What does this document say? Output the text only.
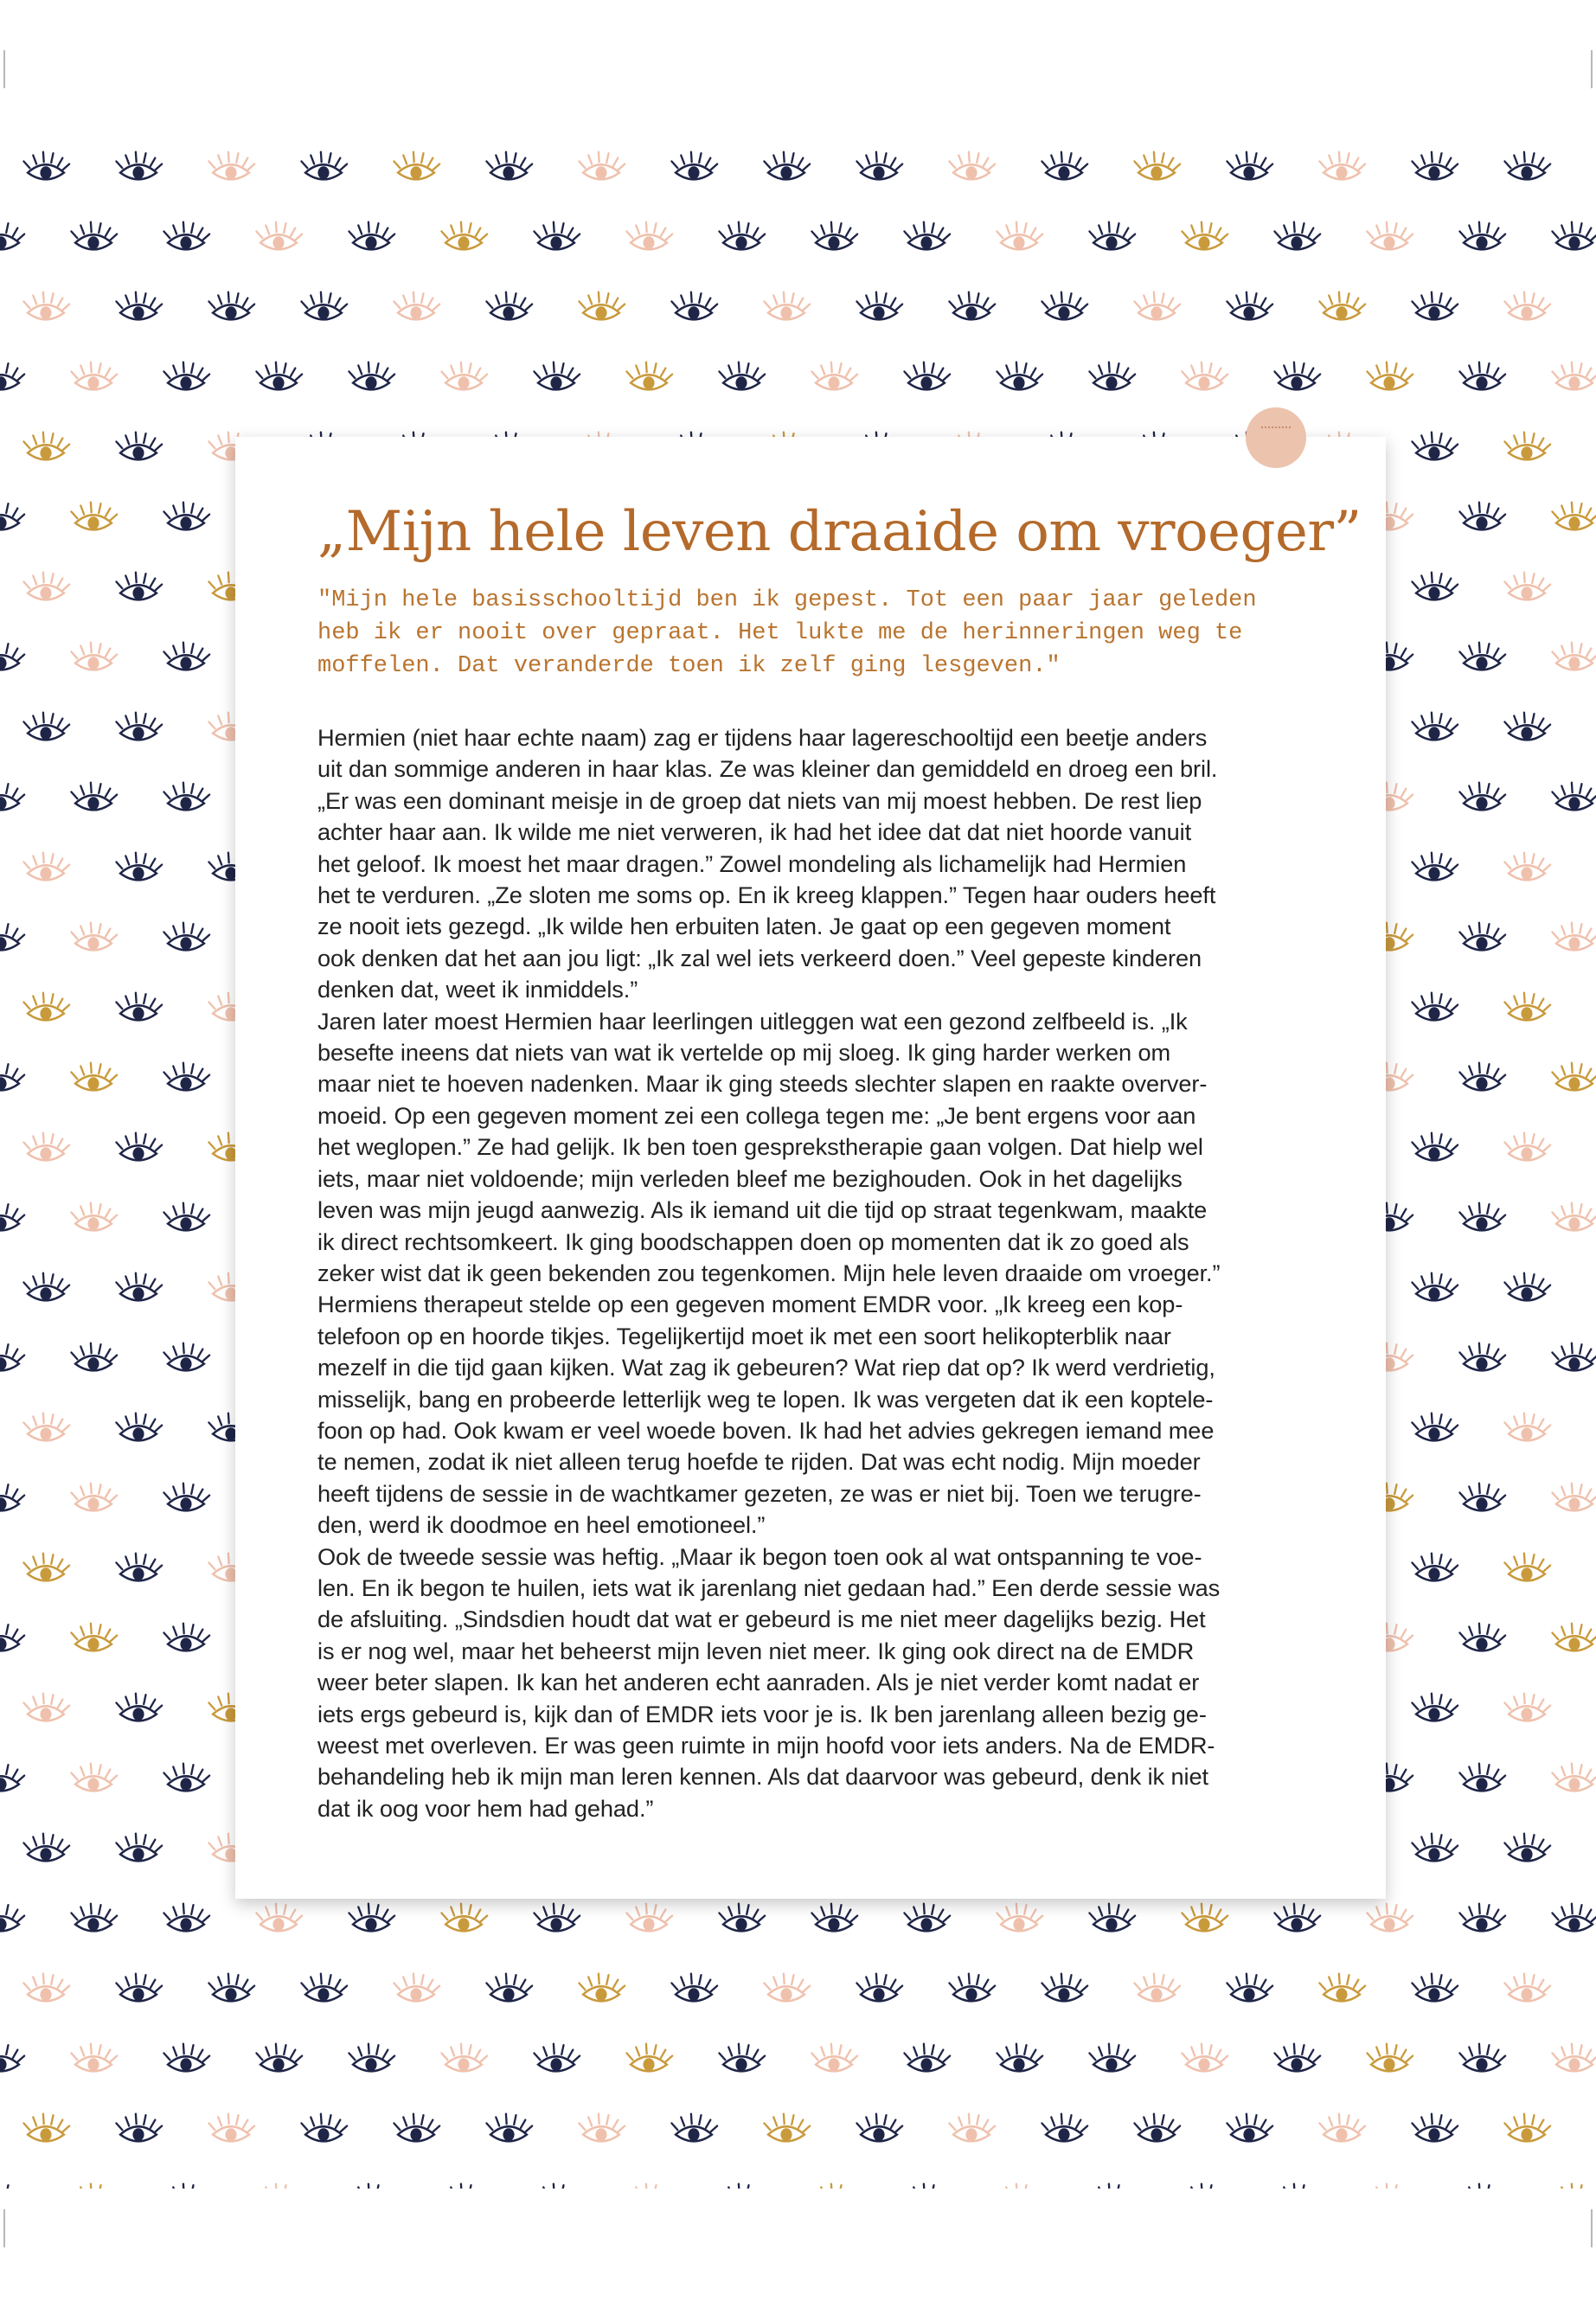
„Mijn hele leven draaide om vroeger”
"Mijn hele basisschooltijd ben ik gepest. Tot een paar jaar geleden
heb ik er nooit over gepraat. Het lukte me de herinneringen weg te
moffelen. Dat veranderde toen ik zelf ging lesgeven."
Hermien (niet haar echte naam) zag er tijdens haar lagereschooltijd een beetje anders
uit dan sommige anderen in haar klas. Ze was kleiner dan gemiddeld en droeg een bril.
„Er was een dominant meisje in de groep dat niets van mij moest hebben. De rest liep
achter haar aan. Ik wilde me niet verweren, ik had het idee dat dat niet hoorde vanuit
het geloof. Ik moest het maar dragen.” Zowel mondeling als lichamelijk had Hermien
het te verduren. „Ze sloten me soms op. En ik kreeg klappen.” Tegen haar ouders heeft
ze nooit iets gezegd. „Ik wilde hen erbuiten laten. Je gaat op een gegeven moment
ook denken dat het aan jou ligt: „Ik zal wel iets verkeerd doen.” Veel gepeste kinderen
denken dat, weet ik inmiddels.”
Jaren later moest Hermien haar leerlingen uitleggen wat een gezond zelfbeeld is. „Ik
besefte ineens dat niets van wat ik vertelde op mij sloeg. Ik ging harder werken om
maar niet te hoeven nadenken. Maar ik ging steeds slechter slapen en raakte overver-
moeid. Op een gegeven moment zei een collega tegen me: „Je bent ergens voor aan
het weglopen.” Ze had gelijk. Ik ben toen gesprekstherapie gaan volgen. Dat hielp wel
iets, maar niet voldoende; mijn verleden bleef me bezighouden. Ook in het dagelijks
leven was mijn jeugd aanwezig. Als ik iemand uit die tijd op straat tegenkwam, maakte
ik direct rechtsomkeert. Ik ging boodschappen doen op momenten dat ik zo goed als
zeker wist dat ik geen bekenden zou tegenkomen. Mijn hele leven draaide om vroeger.”
Hermiens therapeut stelde op een gegeven moment EMDR voor. „Ik kreeg een kop-
telefoon op en hoorde tikjes. Tegelijkertijd moet ik met een soort helikopterblik naar
mezelf in die tijd gaan kijken. Wat zag ik gebeuren? Wat riep dat op? Ik werd verdrietig,
misselijk, bang en probeerde letterlijk weg te lopen. Ik was vergeten dat ik een koptele-
foon op had. Ook kwam er veel woede boven. Ik had het advies gekregen iemand mee
te nemen, zodat ik niet alleen terug hoefde te rijden. Dat was echt nodig. Mijn moeder
heeft tijdens de sessie in de wachtkamer gezeten, ze was er niet bij. Toen we terugre-
den, werd ik doodmoe en heel emotioneel.”
Ook de tweede sessie was heftig. „Maar ik begon toen ook al wat ontspanning te voe-
len. En ik begon te huilen, iets wat ik jarenlang niet gedaan had.” Een derde sessie was
de afsluiting. „Sindsdien houdt dat wat er gebeurd is me niet meer dagelijks bezig. Het
is er nog wel, maar het beheerst mijn leven niet meer. Ik ging ook direct na de EMDR
weer beter slapen. Ik kan het anderen echt aanraden. Als je niet verder komt nadat er
iets ergs gebeurd is, kijk dan of EMDR iets voor je is. Ik ben jarenlang alleen bezig ge-
weest met overleven. Er was geen ruimte in mijn hoofd voor iets anders. Na de EMDR-
behandeling heb ik mijn man leren kennen. Als dat daarvoor was gebeurd, denk ik niet
dat ik oog voor hem had gehad.”
